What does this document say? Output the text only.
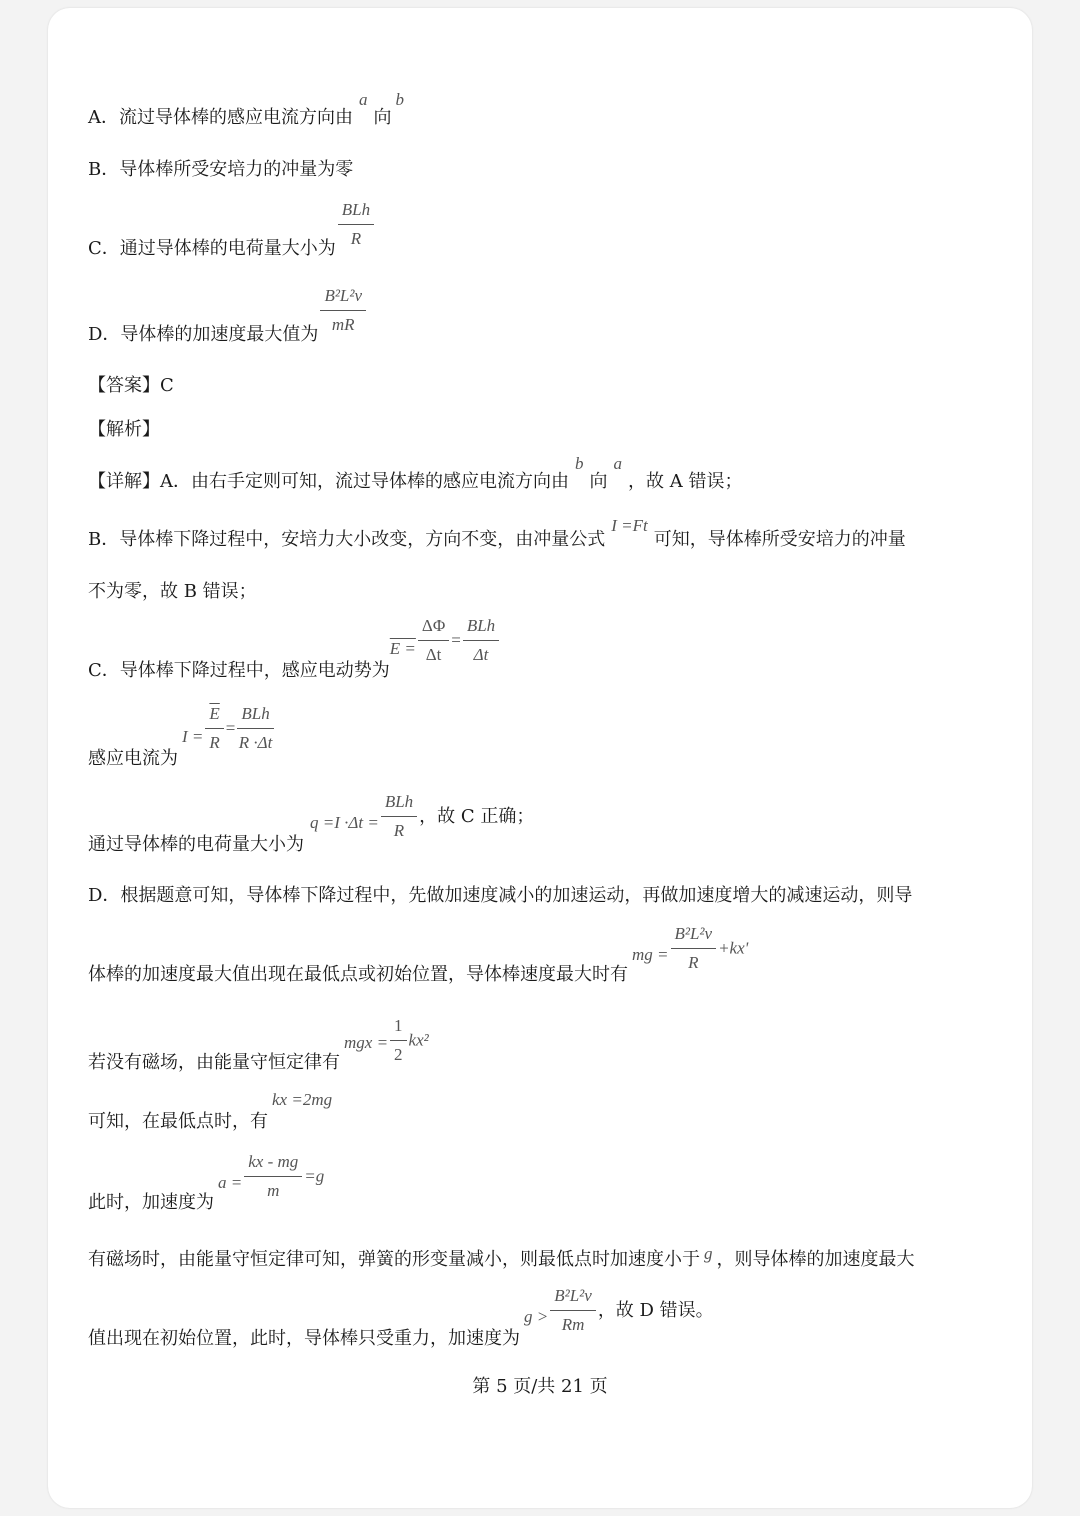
A．流过导体棒的感应电流方向由a向b
B．导体棒所受安培力的冲量为零
C．通过导体棒的电荷量大小为 $\frac{\text{BLh}}{R}$
D．导体棒的加速度最大值为 $\frac{\text{B²L²v}}{mR}$
【答案】C
【解析】
【详解】A．由右手定则可知，流过导体棒的感应电流方向由b向a，故 A 错误；
B．导体棒下降过程中，安培力大小改变，方向不变，由冲量公式I =Ft可知，导体棒所受安培力的冲量
不为零，故 B 错误；
C．导体棒下降过程中，感应电动势为$E = \frac{\Delta\Phi}{\Delta t} = \frac{\text{BLh}}{\Delta t}$
感应电流为$I = \frac{\overline{E}}{R} = \frac{\text{BLh}}{R \cdot\Delta t}$
通过导体棒的电荷量大小为$q =I \cdot\Delta t = \frac{\text{BLh}}{R}$ ，故 C 正确；
D．根据题意可知，导体棒下降过程中，先做加速度减小的加速运动，再做加速度增大的减速运动，则导
体棒的加速度最大值出现在最低点或初始位置，导体棒速度最大时有mg = $\frac{\text{B²L²v}}{R} +kx'$
若没有磁场，由能量守恒定律有mgx = $\frac{1}{2} kx^2$
可知，在最低点时，有kx =2mg
此时，加速度为$a = \frac{kx - mg}{m} =g$
有磁场时，由能量守恒定律可知，弹簧的形变量减小，则最低点时加速度小于 g ，则导体棒的加速度最大
值出现在初始位置，此时，导体棒只受重力，加速度为$g > \frac{\text{B²L²v}}{Rm}$ ，故 D 错误。
第 5 页/共 21 页
